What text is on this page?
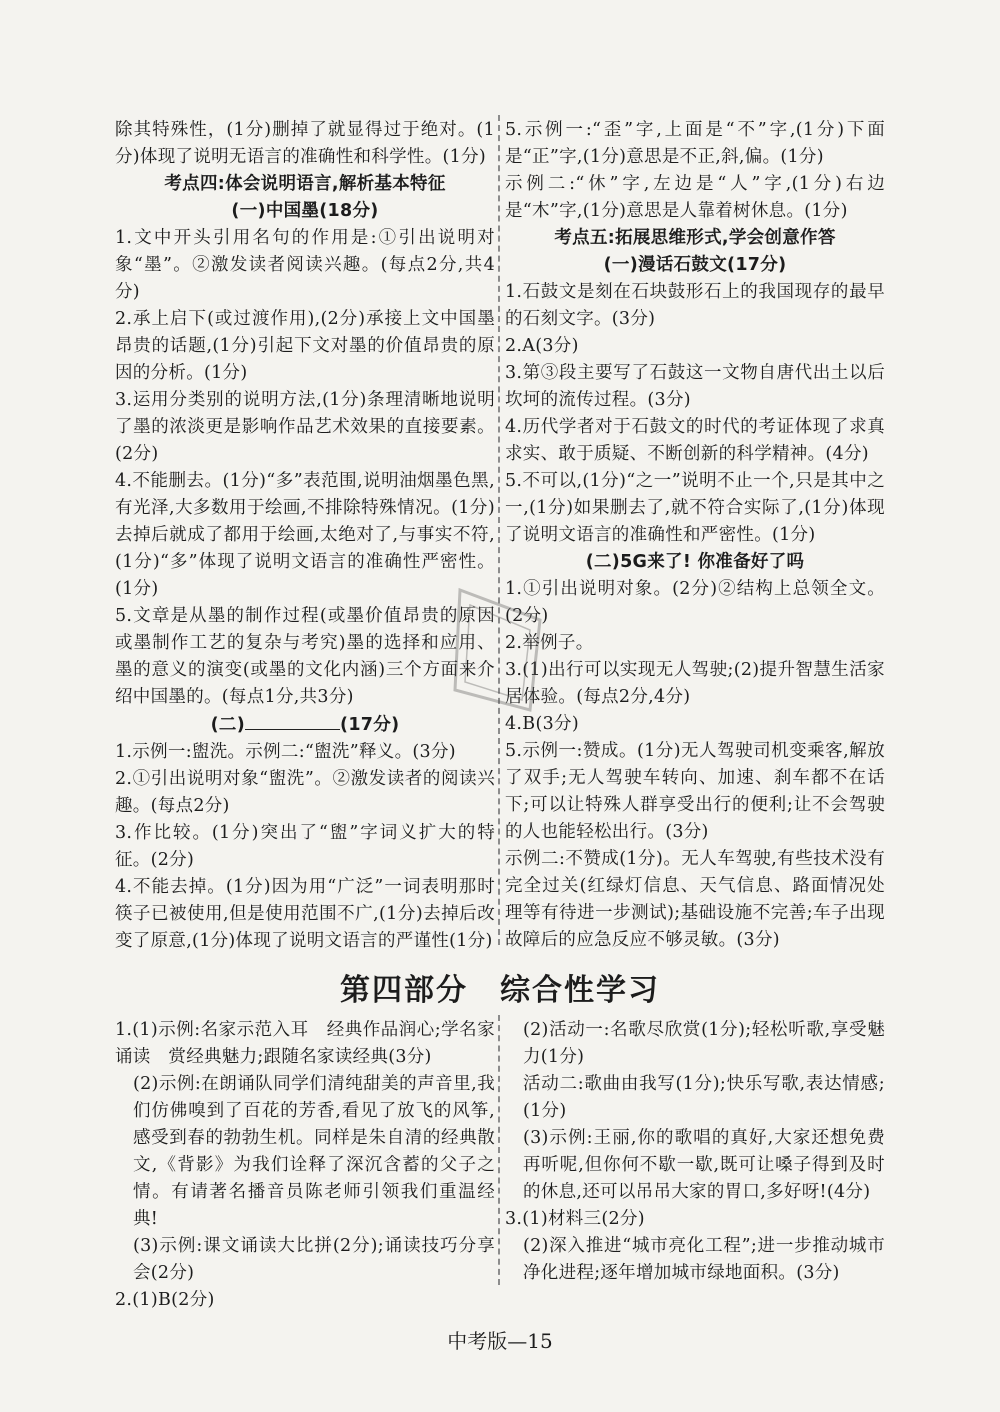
除其特殊性，(1分)删掉了就显得过于绝对。(1分)体现了说明无语言的准确性和科学性。(1分)

考点四:体会说明语言,解析基本特征
(一)中国墨(18分)

1.文中开头引用名句的作用是:①引出说明对象“墨”。②激发读者阅读兴趣。(每点2分,共4分)

2.承上启下(或过渡作用),(2分)承接上文中国墨昂贵的话题,(1分)引起下文对墨的价值昂贵的原因的分析。(1分)

3.运用分类别的说明方法,(1分)条理清晰地说明了墨的浓淡更是影响作品艺术效果的直接要素。(2分)

4.不能删去。(1分)“多”表范围,说明油烟墨色黑,有光泽,大多数用于绘画,不排除特殊情况。(1分)去掉后就成了都用于绘画,太绝对了,与事实不符,(1分)“多”体现了说明文语言的准确性严密性。(1分)

5.文章是从墨的制作过程(或墨价值昂贵的原因或墨制作工艺的复杂与考究)墨的选择和应用、墨的意义的演变(或墨的文化内涵)三个方面来介绍中国墨的。(每点1分,共3分)

(二)	(17分)

1.示例一:盥洗。示例二:“盥洗”释义。(3分)

2.①引出说明对象“盥洗”。②激发读者的阅读兴趣。(每点2分)

3.作比较。(1分)突出了“盥”字词义扩大的特征。(2分)

4.不能去掉。(1分)因为用“广泛”一词表明那时筷子已被使用,但是使用范围不广,(1分)去掉后改变了原意,(1分)体现了说明文语言的严谨性(1分)

5.示例一:“歪”字,上面是“不”字,(1分)下面是“正”字,(1分)意思是不正,斜,偏。(1分)

示例二:“休”字,左边是“人”字,(1分)右边是“木”字,(1分)意思是人靠着树休息。(1分)

考点五:拓展思维形式,学会创意作答
(一)漫话石鼓文(17分)

1.石鼓文是刻在石块鼓形石上的我国现存的最早的石刻文字。(3分)

2.A(3分)

3.第③段主要写了石鼓这一文物自唐代出土以后坎坷的流传过程。(3分)

4.历代学者对于石鼓文的时代的考证体现了求真求实、敢于质疑、不断创新的科学精神。(4分)

5.不可以,(1分)“之一”说明不止一个,只是其中之一,(1分)如果删去了,就不符合实际了,(1分)体现了说明文语言的准确性和严密性。(1分)

(二)5G来了! 你准备好了吗

1.①引出说明对象。(2分)②结构上总领全文。(2分)

2.举例子。

3.(1)出行可以实现无人驾驶;(2)提升智慧生活家居体验。(每点2分,4分)

4.B(3分)

5.示例一:赞成。(1分)无人驾驶司机变乘客,解放了双手;无人驾驶车转向、加速、刹车都不在话下;可以让特殊人群享受出行的便利;让不会驾驶的人也能轻松出行。(3分)

示例二:不赞成(1分)。无人车驾驶,有些技术没有完全过关(红绿灯信息、天气信息、路面情况处理等有待进一步测试);基础设施不完善;车子出现故障后的应急反应不够灵敏。(3分)

第四部分　综合性学习

1.(1)示例:名家示范入耳　经典作品润心;学名家诵读　赏经典魅力;跟随名家读经典(3分)

(2)示例:在朗诵队同学们清纯甜美的声音里,我们仿佛嗅到了百花的芳香,看见了放飞的风筝,感受到春的勃勃生机。同样是朱自清的经典散文,《背影》为我们诠释了深沉含蓄的父子之情。有请著名播音员陈老师引领我们重温经典!

(3)示例:课文诵读大比拼(2分);诵读技巧分享会(2分)

2.(1)B(2分)

(2)活动一:名歌尽欣赏(1分);轻松听歌,享受魅力(1分)

活动二:歌曲由我写(1分);快乐写歌,表达情感;(1分)

(3)示例:王丽,你的歌唱的真好,大家还想免费再听呢,但你何不歇一歇,既可让嗓子得到及时的休息,还可以吊吊大家的胃口,多好呀!(4分)

3.(1)材料三(2分)

(2)深入推进“城市亮化工程”;进一步推动城市净化进程;逐年增加城市绿地面积。(3分)

中考版—15
